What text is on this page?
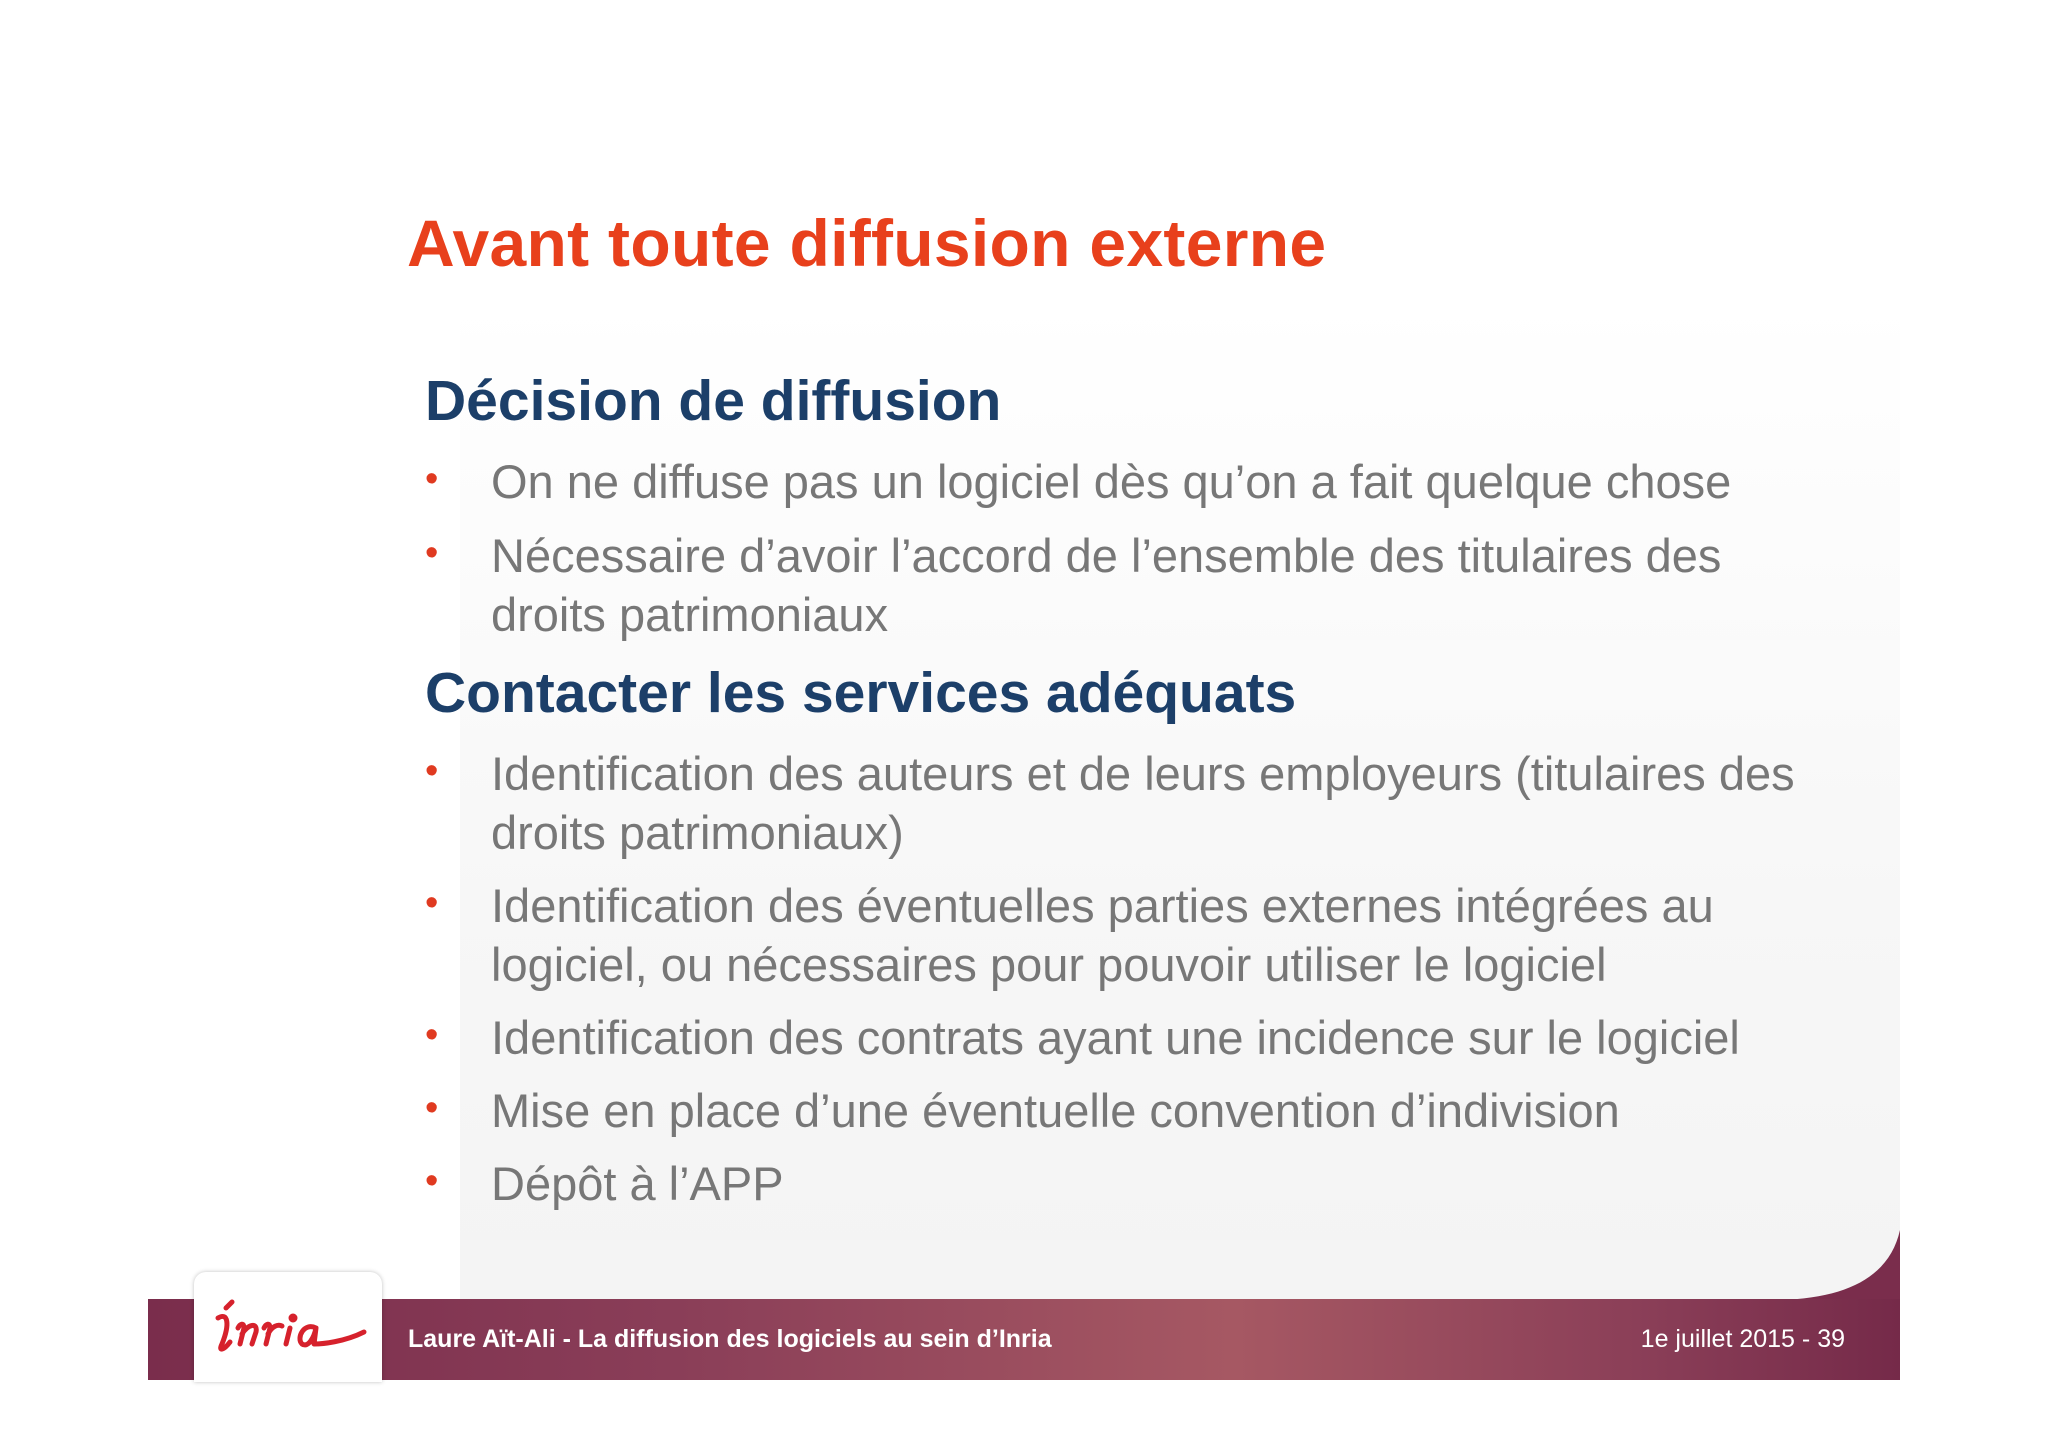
Avant toute diffusion externe
Décision de diffusion
• On ne diffuse pas un logiciel dès qu’on a fait quelque chose
• Nécessaire d’avoir l’accord de l’ensemble des titulaires des droits patrimoniaux
Contacter les services adéquats
• Identification des auteurs et de leurs employeurs (titulaires des droits patrimoniaux)
• Identification des éventuelles parties externes intégrées au logiciel, ou nécessaires pour pouvoir utiliser le logiciel
• Identification des contrats ayant une incidence sur le logiciel
• Mise en place d’une éventuelle convention d’indivision
• Dépôt à l’APP
Laure Aït-Ali - La diffusion des logiciels au sein d’Inria	1e juillet 2015 - 39
